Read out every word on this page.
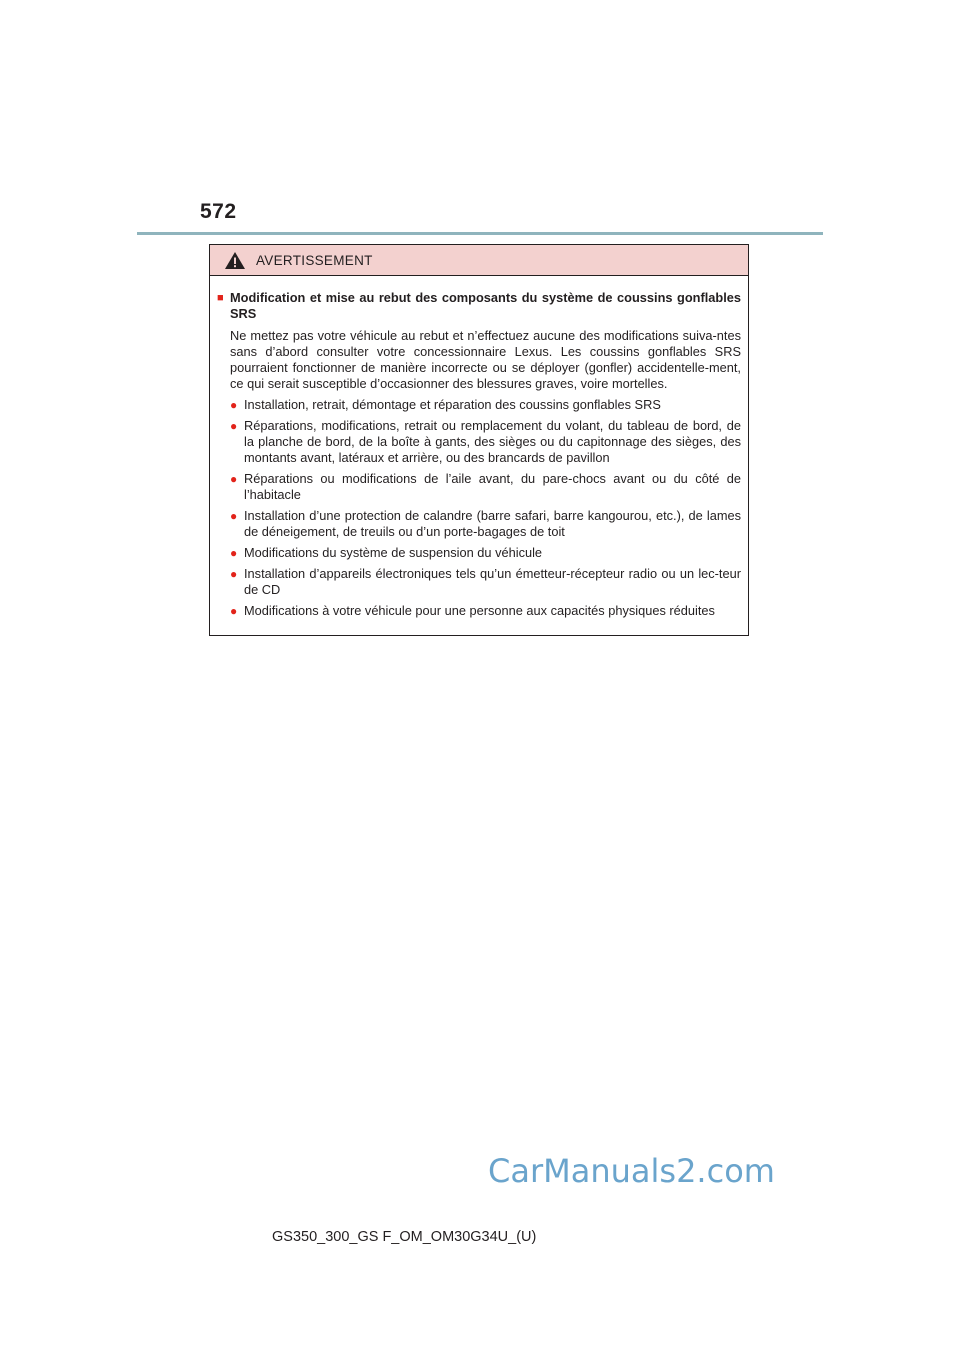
572
AVERTISSEMENT
■ Modification et mise au rebut des composants du système de coussins gonflables SRS

Ne mettez pas votre véhicule au rebut et n’effectuez aucune des modifications suiva-ntes sans d’abord consulter votre concessionnaire Lexus. Les coussins gonflables SRS pourraient fonctionner de manière incorrecte ou se déployer (gonfler) accidentelle-ment, ce qui serait susceptible d’occasionner des blessures graves, voire mortelles.

● Installation, retrait, démontage et réparation des coussins gonflables SRS
● Réparations, modifications, retrait ou remplacement du volant, du tableau de bord, de la planche de bord, de la boîte à gants, des sièges ou du capitonnage des sièges, des montants avant, latéraux et arrière, ou des brancards de pavillon
● Réparations ou modifications de l’aile avant, du pare-chocs avant ou du côté de l’habitacle
● Installation d’une protection de calandre (barre safari, barre kangourou, etc.), de lames de déneigement, de treuils ou d’un porte-bagages de toit
● Modifications du système de suspension du véhicule
● Installation d’appareils électroniques tels qu’un émetteur-récepteur radio ou un lec-teur de CD
● Modifications à votre véhicule pour une personne aux capacités physiques réduites
CarManuals2.com
GS350_300_GS F_OM_OM30G34U_(U)
